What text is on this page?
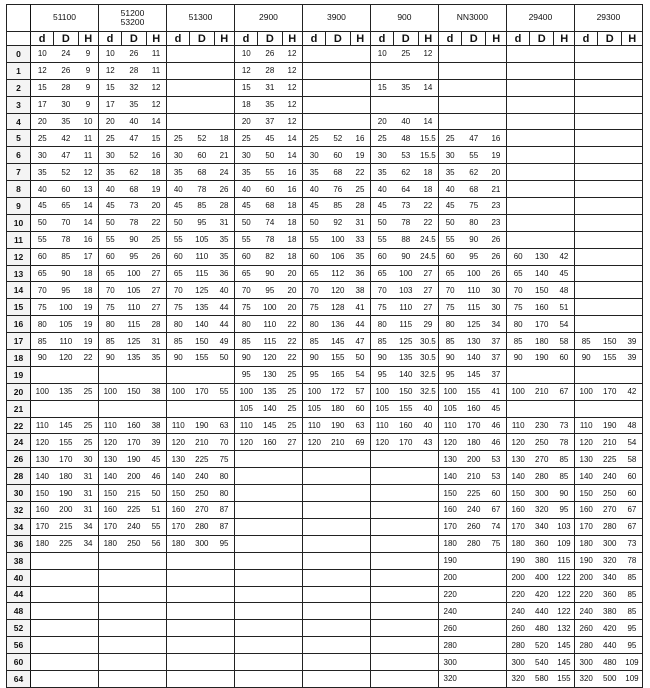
	51100			51200
53200			51300			2900			3900			900			NN3000			29400			29300		
	d	D	H	d	D	H	d	D	H	d	D	H	d	D	H	d	D	H	d	D	H	d	D	H	d	D	H
0	10	24	9	10	26	11				10	26	12				10	25	12									
1	12	26	9	12	28	11				12	28	12															
2	15	28	9	15	32	12				15	31	12				15	35	14									
3	17	30	9	17	35	12				18	35	12															
4	20	35	10	20	40	14				20	37	12				20	40	14									
5	25	42	11	25	47	15	25	52	18	25	45	14	25	52	16	25	48	15.5	25	47	16						
6	30	47	11	30	52	16	30	60	21	30	50	14	30	60	19	30	53	15.5	30	55	19						
7	35	52	12	35	62	18	35	68	24	35	55	16	35	68	22	35	62	18	35	62	20						
8	40	60	13	40	68	19	40	78	26	40	60	16	40	76	25	40	64	18	40	68	21						
9	45	65	14	45	73	20	45	85	28	45	68	18	45	85	28	45	73	22	45	75	23						
10	50	70	14	50	78	22	50	95	31	50	74	18	50	92	31	50	78	22	50	80	23						
11	55	78	16	55	90	25	55	105	35	55	78	18	55	100	33	55	88	24.5	55	90	26						
12	60	85	17	60	95	26	60	110	35	60	82	18	60	106	35	60	90	24.5	60	95	26	60	130	42			
13	65	90	18	65	100	27	65	115	36	65	90	20	65	112	36	65	100	27	65	100	26	65	140	45			
14	70	95	18	70	105	27	70	125	40	70	95	20	70	120	38	70	103	27	70	110	30	70	150	48			
15	75	100	19	75	110	27	75	135	44	75	100	20	75	128	41	75	110	27	75	115	30	75	160	51			
16	80	105	19	80	115	28	80	140	44	80	110	22	80	136	44	80	115	29	80	125	34	80	170	54			
17	85	110	19	85	125	31	85	150	49	85	115	22	85	145	47	85	125	30.5	85	130	37	85	180	58	85	150	39
18	90	120	22	90	135	35	90	155	50	90	120	22	90	155	50	90	135	30.5	90	140	37	90	190	60	90	155	39
19										95	130	25	95	165	54	95	140	32.5	95	145	37						
20	100	135	25	100	150	38	100	170	55	100	135	25	100	172	57	100	150	32.5	100	155	41	100	210	67	100	170	42
21										105	140	25	105	180	60	105	155	40	105	160	45						
22	110	145	25	110	160	38	110	190	63	110	145	25	110	190	63	110	160	40	110	170	46	110	230	73	110	190	48
24	120	155	25	120	170	39	120	210	70	120	160	27	120	210	69	120	170	43	120	180	46	120	250	78	120	210	54
26	130	170	30	130	190	45	130	225	75										130	200	53	130	270	85	130	225	58
28	140	180	31	140	200	46	140	240	80										140	210	53	140	280	85	140	240	60
30	150	190	31	150	215	50	150	250	80										150	225	60	150	300	90	150	250	60
32	160	200	31	160	225	51	160	270	87										160	240	67	160	320	95	160	270	67
34	170	215	34	170	240	55	170	280	87										170	260	74	170	340	103	170	280	67
36	180	225	34	180	250	56	180	300	95										180	280	75	180	360	109	180	300	73
38																			190			190	380	115	190	320	78
40																			200			200	400	122	200	340	85
44																			220			220	420	122	220	360	85
48																			240			240	440	122	240	380	85
52																			260			260	480	132	260	420	95
56																			280			280	520	145	280	440	95
60																			300			300	540	145	300	480	109
64																			320			320	580	155	320	500	109
